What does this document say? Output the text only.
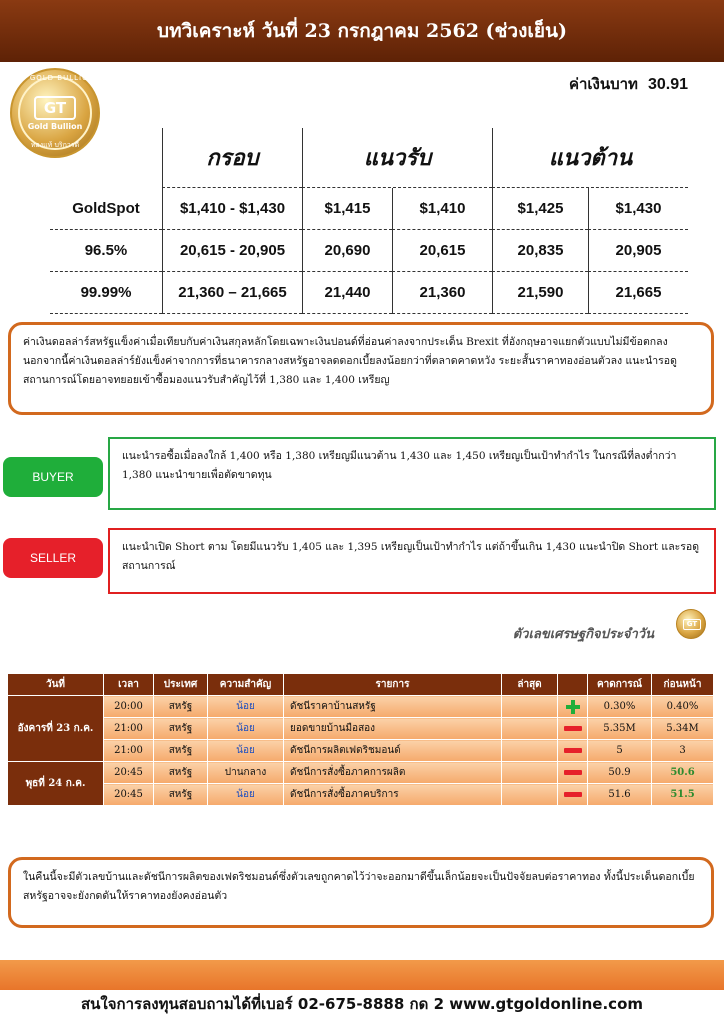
บทวิเคราะห์ วันที่ 23 กรกฎาคม 2562 (ช่วงเย็น)
GT GOLD BULLION
GT
Gold Bullion
ทองแท้ บริการดี
ค่าเงินบาท 30.91
กรอบ	แนวรับ	แนวต้าน
GoldSpot	$1,410 - $1,430	$1,415	$1,410	$1,425	$1,430
96.5%	20,615 - 20,905	20,690	20,615	20,835	20,905
99.99%	21,360 – 21,665	21,440	21,360	21,590	21,665
ค่าเงินดอลล่าร์สหรัฐแข็งค่าเมื่อเทียบกับค่าเงินสกุลหลักโดยเฉพาะเงินปอนด์ที่อ่อนค่าลงจากประเด็น Brexit ที่อังกฤษอาจแยกตัวแบบไม่มีข้อตกลง นอกจากนี้ค่าเงินดอลล่าร์ยังแข็งค่าจากการที่ธนาคารกลางสหรัฐอาจลดดอกเบี้ยลงน้อยกว่าที่ตลาดคาดหวัง ระยะสั้นราคาทองอ่อนตัวลง แนะนำรอดูสถานการณ์โดยอาจทยอยเข้าซื้อมองแนวรับสำคัญไว้ที่ 1,380 และ 1,400 เหรียญ
BUYER
แนะนำรอซื้อเมื่อลงใกล้ 1,400 หรือ 1,380 เหรียญมีแนวต้าน 1,430 และ 1,450 เหรียญเป็นเป้าทำกำไร ในกรณีที่ลงต่ำกว่า 1,380 แนะนำขายเพื่อตัดขาดทุน
SELLER
แนะนำเปิด Short ตาม โดยมีแนวรับ 1,405 และ 1,395 เหรียญเป็นเป้าทำกำไร แต่ถ้าขึ้นเกิน 1,430 แนะนำปิด Short และรอดูสถานการณ์
ตัวเลขเศรษฐกิจประจำวัน
GT
วันที่	เวลา	ประเทศ	ความสำคัญ	รายการ	ล่าสุด		คาดการณ์	ก่อนหน้า
อังคารที่ 23 ก.ค.	20:00	สหรัฐ	น้อย	ดัชนีราคาบ้านสหรัฐ			0.30%	0.40%
	21:00	สหรัฐ	น้อย	ยอดขายบ้านมือสอง			5.35M	5.34M
	21:00	สหรัฐ	น้อย	ดัชนีการผลิตเฟดริชมอนด์			5	3
พุธที่ 24 ก.ค.	20:45	สหรัฐ	ปานกลาง	ดัชนีการสั่งซื้อภาคการผลิต			50.9	50.6
	20:45	สหรัฐ	น้อย	ดัชนีการสั่งซื้อภาคบริการ			51.6	51.5
ในคืนนี้จะมีตัวเลขบ้านและดัชนีการผลิตของเฟดริชมอนด์ซึ่งตัวเลขถูกคาดไว้ว่าจะออกมาดีขึ้นเล็กน้อยจะเป็นปัจจัยลบต่อราคาทอง ทั้งนี้ประเด็นดอกเบี้ยสหรัฐอาจจะยังกดดันให้ราคาทองยังคงอ่อนตัว
สนใจการลงทุนสอบถามได้ที่เบอร์ 02-675-8888 กด 2 www.gtgoldonline.com
